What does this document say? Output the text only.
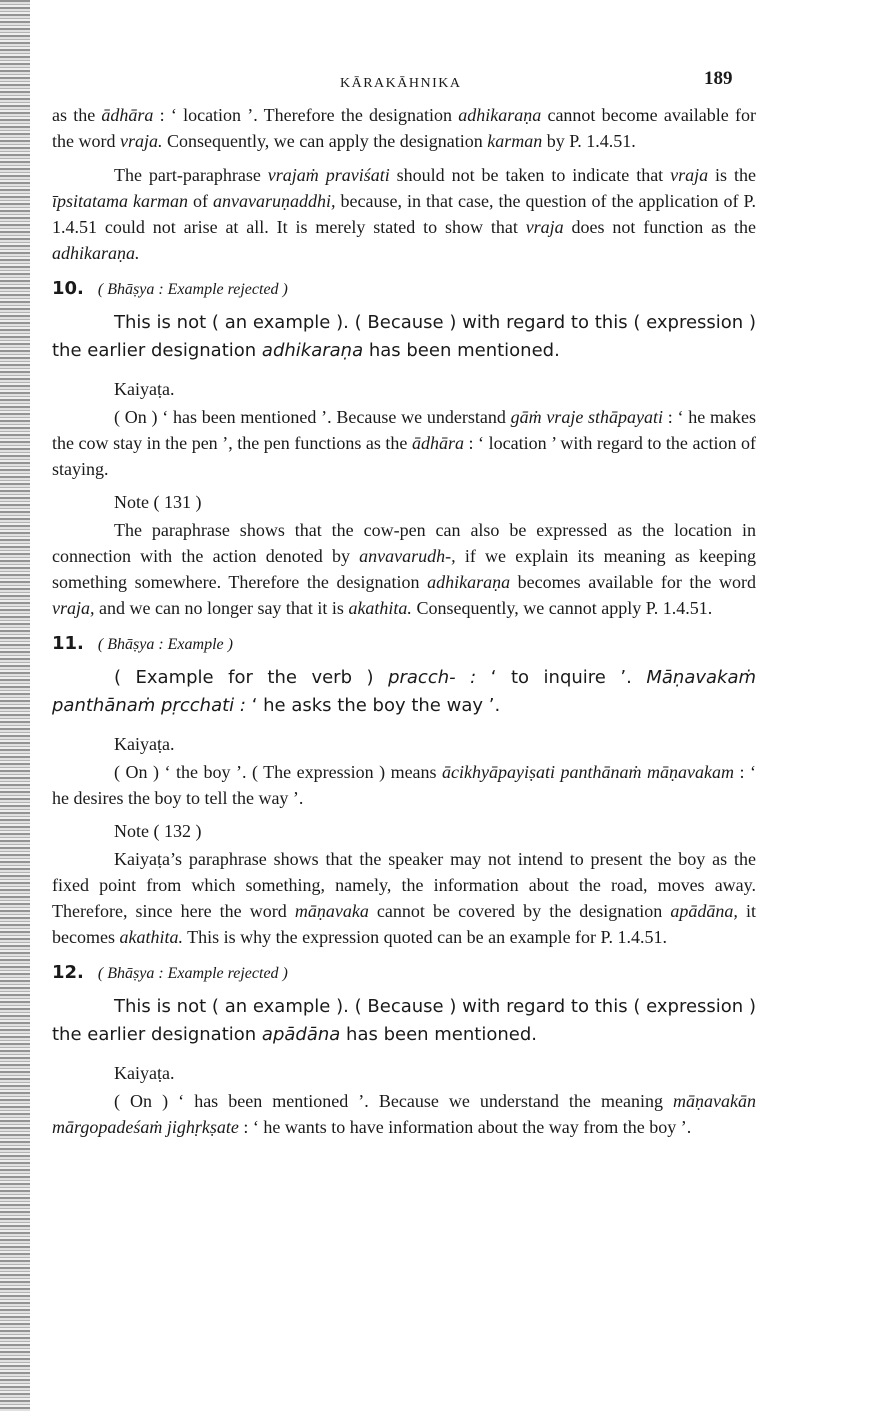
KĀRAKĀHNIKA	189

as the ādhāra : ‘ location ’. Therefore the designation adhikaraṇa cannot become available for the word vraja. Consequently, we can apply the designation karman by P. 1.4.51.

The part-paraphrase vrajaṁ praviśati should not be taken to indicate that vraja is the īpsitatama karman of anvavaruṇaddhi, because, in that case, the question of the application of P. 1.4.51 could not arise at all. It is merely stated to show that vraja does not function as the adhikaraṇa.

10. ( Bhāṣya : Example rejected )

This is not ( an example ). ( Because ) with regard to this ( expression ) the earlier designation adhikaraṇa has been mentioned.

Kaiyaṭa.

( On ) ‘ has been mentioned ’. Because we understand gāṁ vraje sthāpayati : ‘ he makes the cow stay in the pen ’, the pen functions as the ādhāra : ‘ location ’ with regard to the action of staying.

Note ( 131 )

The paraphrase shows that the cow-pen can also be expressed as the location in connection with the action denoted by anvavarudh-, if we explain its meaning as keeping something somewhere. Therefore the designation adhikaraṇa becomes available for the word vraja, and we can no longer say that it is akathita. Consequently, we cannot apply P. 1.4.51.

11. ( Bhāṣya : Example )

( Example for the verb ) pracch- : ‘ to inquire ’. Māṇavakaṁ panthānaṁ pṛcchati : ‘ he asks the boy the way ’.

Kaiyaṭa.

( On ) ‘ the boy ’. ( The expression ) means ācikhyāpayiṣati panthānaṁ māṇavakam : ‘ he desires the boy to tell the way ’.

Note ( 132 )

Kaiyaṭa’s paraphrase shows that the speaker may not intend to present the boy as the fixed point from which something, namely, the information about the road, moves away. Therefore, since here the word māṇavaka cannot be covered by the designation apādāna, it becomes akathita. This is why the expression quoted can be an example for P. 1.4.51.

12. ( Bhāṣya : Example rejected )

This is not ( an example ). ( Because ) with regard to this ( expression ) the earlier designation apādāna has been mentioned.

Kaiyaṭa.

( On ) ‘ has been mentioned ’. Because we understand the meaning māṇavakān mārgopadeśaṁ jighṛkṣate : ‘ he wants to have information about the way from the boy ’.
